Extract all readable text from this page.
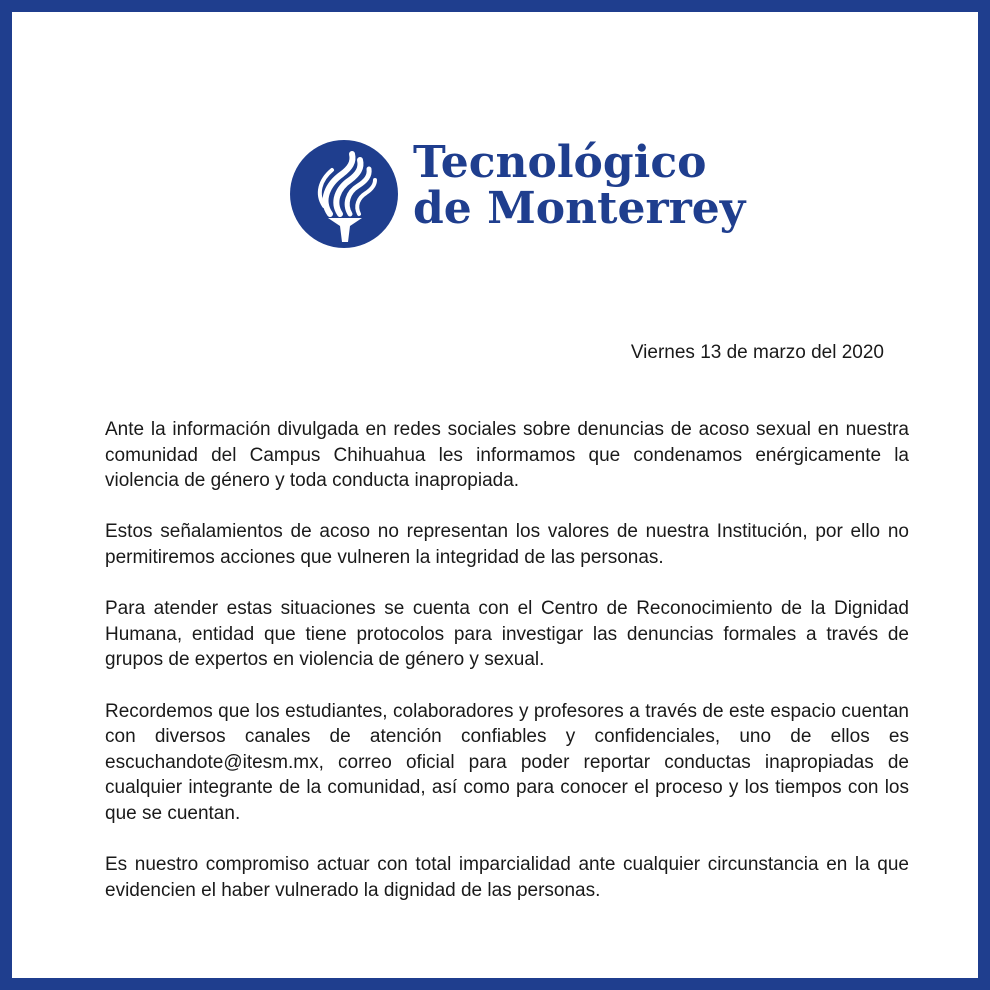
Tecnológico
de Monterrey
Viernes 13 de marzo del 2020

Ante la información divulgada en redes sociales sobre denuncias de acoso sexual en nuestra comunidad del Campus Chihuahua les informamos que condenamos enérgicamente la violencia de género y toda conducta inapropiada.

Estos señalamientos de acoso no representan los valores de nuestra Institución, por ello no permitiremos acciones que vulneren la integridad de las personas.

Para atender estas situaciones se cuenta con el Centro de Reconocimiento de la Dignidad Humana, entidad que tiene protocolos para investigar las denuncias formales a través de grupos de expertos en violencia de género y sexual.

Recordemos que los estudiantes, colaboradores y profesores a través de este espacio cuentan con diversos canales de atención confiables y confidenciales, uno de ellos es escuchandote@itesm.mx, correo oficial para poder reportar conductas inapropiadas de cualquier integrante de la comunidad, así como para conocer el proceso y los tiempos con los que se cuentan.

Es nuestro compromiso actuar con total imparcialidad ante cualquier circunstancia en la que evidencien el haber vulnerado la dignidad de las personas.
